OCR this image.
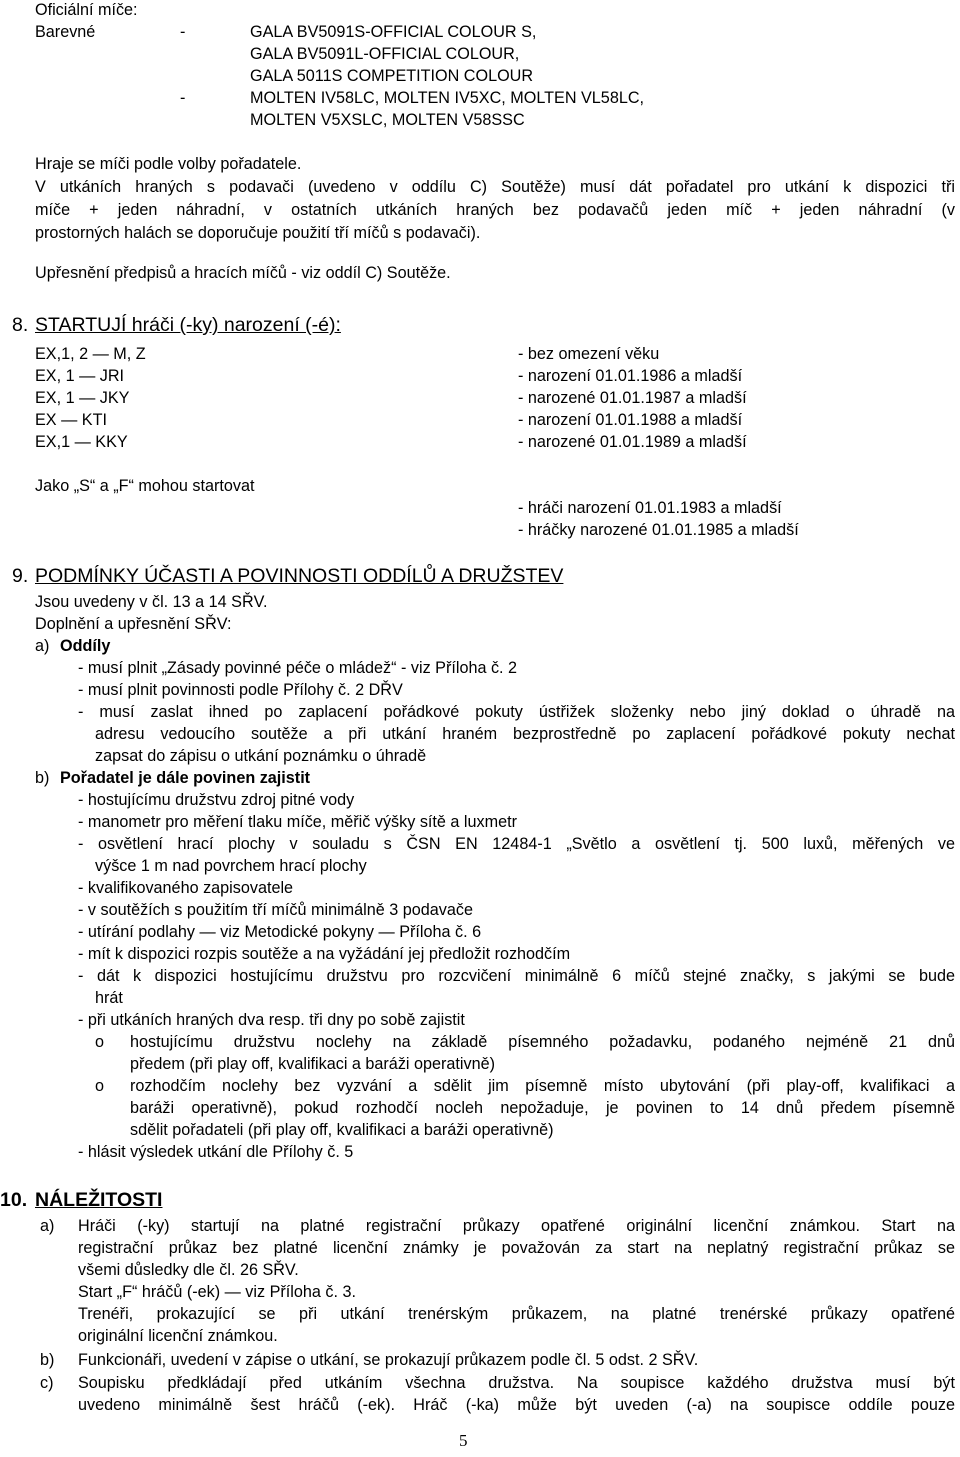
Oficiální míče:
Barevné	-	GALA BV5091S-OFFICIAL COLOUR S,
GALA BV5091L-OFFICIAL COLOUR,
GALA 5011S COMPETITION COLOUR
-	MOLTEN IV58LC, MOLTEN IV5XC, MOLTEN VL58LC,
MOLTEN V5XSLC, MOLTEN V58SSC
Hraje se míči podle volby pořadatele.
V utkáních hraných s podavači (uvedeno v oddílu C) Soutěže) musí dát pořadatel pro utkání k dispozici tři
míče + jeden náhradní, v ostatních utkáních hraných bez podavačů jeden míč + jeden náhradní (v
prostorných halách se doporučuje použití tří míčů s podavači).
Upřesnění předpisů a hracích míčů - viz oddíl C) Soutěže.
8. STARTUJÍ hráči (-ky) narození (-é):
EX,1, 2 — M, Z	- bez omezení věku
EX, 1 — JRI	- narození 01.01.1986 a mladší
EX, 1 — JKY	- narozené 01.01.1987 a mladší
EX — KTI	- narození 01.01.1988 a mladší
EX,1 — KKY	- narozené 01.01.1989 a mladší
Jako „S“ a „F“ mohou startovat
- hráči narození 01.01.1983 a mladší
- hráčky narozené 01.01.1985 a mladší
9. PODMÍNKY ÚČASTI A POVINNOSTI ODDÍLŮ A DRUŽSTEV
Jsou uvedeny v čl. 13 a 14 SŘV.
Doplnění a upřesnění SŘV:
a) Oddíly
- musí plnit „Zásady povinné péče o mládež“ - viz Příloha č. 2
- musí plnit povinnosti podle Přílohy č. 2 DŘV
- musí zaslat ihned po zaplacení pořádkové pokuty ústřižek složenky nebo jiný doklad o úhradě na
adresu vedoucího soutěže a při utkání hraném bezprostředně po zaplacení pořádkové pokuty nechat
zapsat do zápisu o utkání poznámku o úhradě
b) Pořadatel je dále povinen zajistit
- hostujícímu družstvu zdroj pitné vody
- manometr pro měření tlaku míče, měřič výšky sítě a luxmetr
- osvětlení hrací plochy v souladu s ČSN EN 12484-1 „Světlo a osvětlení tj. 500 luxů, měřených ve
výšce 1 m nad povrchem hrací plochy
- kvalifikovaného zapisovatele
- v soutěžích s použitím tří míčů minimálně 3 podavače
- utírání podlahy — viz Metodické pokyny — Příloha č. 6
- mít k dispozici rozpis soutěže a na vyžádání jej předložit rozhodčím
- dát k dispozici hostujícímu družstvu pro rozcvičení minimálně 6 míčů stejné značky, s jakými se bude
hrát
- při utkáních hraných dva resp. tři dny po sobě zajistit
o hostujícímu družstvu noclehy na základě písemného požadavku, podaného nejméně 21 dnů
předem (při play off, kvalifikaci a baráži operativně)
o rozhodčím noclehy bez vyzvání a sdělit jim písemně místo ubytování (při play-off, kvalifikaci a
baráži operativně), pokud rozhodčí nocleh nepožaduje, je povinen to 14 dnů předem písemně
sdělit pořadateli (při play off, kvalifikaci a baráži operativně)
- hlásit výsledek utkání dle Přílohy č. 5
10. NÁLEŽITOSTI
a) Hráči (-ky) startují na platné registrační průkazy opatřené originální licenční známkou. Start na
registrační průkaz bez platné licenční známky je považován za start na neplatný registrační průkaz se
všemi důsledky dle čl. 26 SŘV.
Start „F“ hráčů (-ek) — viz Příloha č. 3.
Trenéři, prokazující se při utkání trenérským průkazem, na platné trenérské průkazy opatřené
originální licenční známkou.
b) Funkcionáři, uvedení v zápise o utkání, se prokazují průkazem podle čl. 5 odst. 2 SŘV.
c) Soupisku předkládají před utkáním všechna družstva. Na soupisce každého družstva musí být
uvedeno minimálně šest hráčů (-ek). Hráč (-ka) může být uveden (-a) na soupisce oddíle pouze
5
